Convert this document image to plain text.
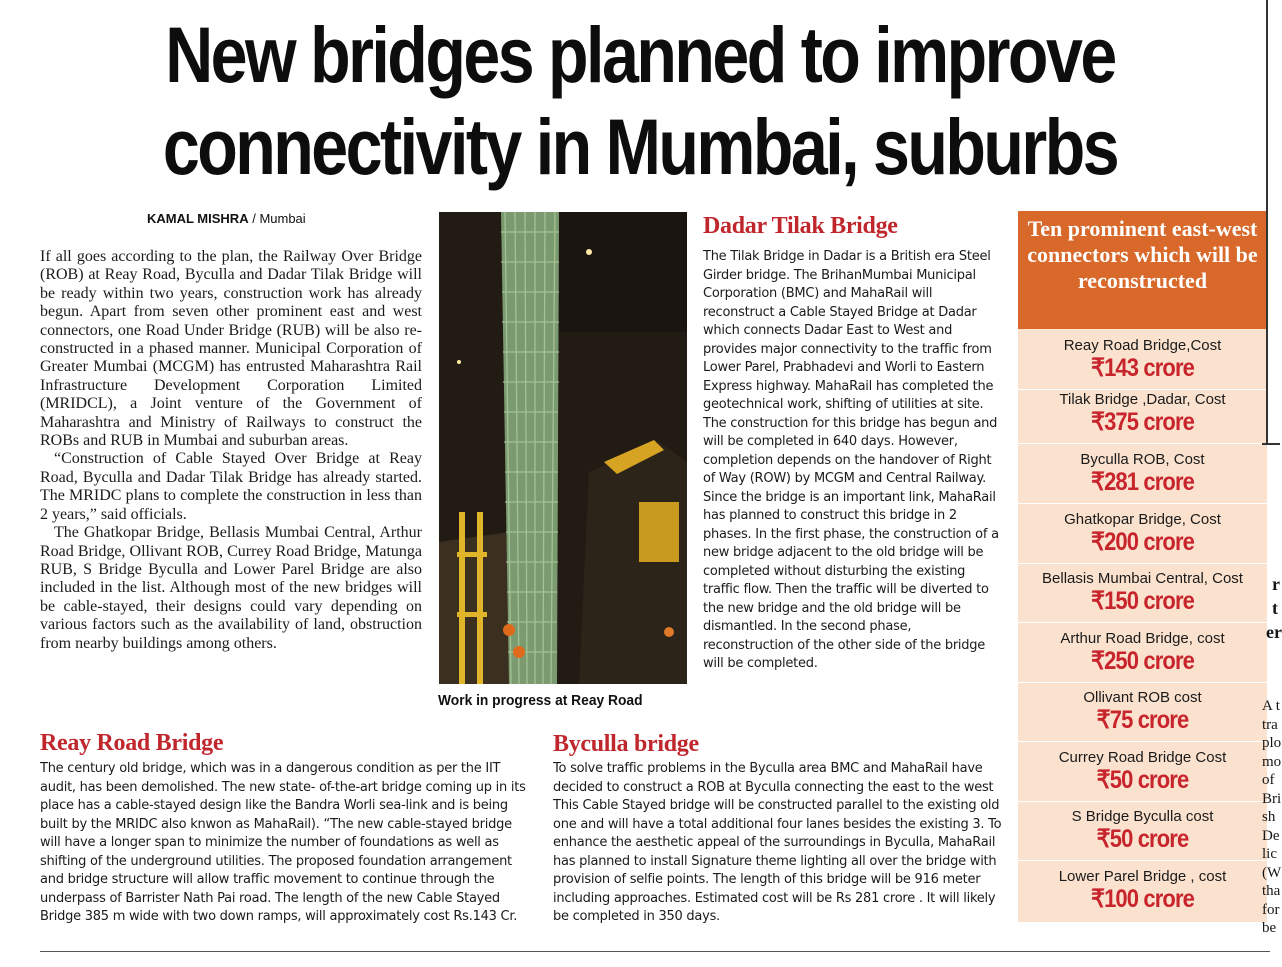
New bridges planned to improve
connectivity in Mumbai, suburbs
KAMAL MISHRA / Mumbai

If all goes according to the plan, the Railway Over Bridge (ROB) at Reay Road, Byculla and Dadar Tilak Bridge will be ready within two years, construction work has already begun. Apart from seven other prominent east and west connectors, one Road Under Bridge (RUB) will be also re-constructed in a phased manner. Municipal Corporation of Greater Mumbai (MCGM) has entrusted Maharashtra Rail Infrastructure Development Corporation Limited (MRIDCL), a Joint venture of the Government of Maharashtra and Ministry of Railways to construct the ROBs and RUB in Mumbai and suburban areas.

“Construction of Cable Stayed Over Bridge at Reay Road, Byculla and Dadar Tilak Bridge has already started. The MRIDC plans to complete the construction in less than 2 years,” said officials.

The Ghatkopar Bridge, Bellasis Mumbai Central, Arthur Road Bridge, Ollivant ROB, Currey Road Bridge, Matunga RUB, S Bridge Byculla and Lower Parel Bridge are also included in the list. Although most of the new bridges will be cable-stayed, their designs could vary depending on various factors such as the availability of land, obstruction from nearby buildings among others.

Work in progress at Reay Road
Dadar Tilak Bridge
The Tilak Bridge in Dadar is a British era Steel Girder bridge. The BrihanMumbai Municipal Corporation (BMC) and MahaRail will reconstruct a Cable Stayed Bridge at Dadar which connects Dadar East to West and provides major connectivity to the traffic from Lower Parel, Prabhadevi and Worli to Eastern Express highway. MahaRail has completed the geotechnical work, shifting of utilities at site. The construction for this bridge has begun and will be completed in 640 days. However, completion depends on the handover of Right of Way (ROW) by MCGM and Central Railway. Since the bridge is an important link, MahaRail has planned to construct this bridge in 2 phases. In the first phase, the construction of a new bridge adjacent to the old bridge will be completed without disturbing the existing traffic flow. Then the traffic will be diverted to the new bridge and the old bridge will be dismantled. In the second phase, reconstruction of the other side of the bridge will be completed.
Reay Road Bridge
The century old bridge, which was in a dangerous condition as per the IIT audit, has been demolished. The new state- of-the-art bridge coming up in its place has a cable-stayed design like the Bandra Worli sea-link and is being built by the MRIDC also knwon as MahaRail). “The new cable-stayed bridge will have a longer span to minimize the number of foundations as well as shifting of the underground utilities. The proposed foundation arrangement and bridge structure will allow traffic movement to continue through the underpass of Barrister Nath Pai road. The length of the new Cable Stayed Bridge 385 m wide with two down ramps, will approximately cost Rs.143 Cr.
Byculla bridge
To solve traffic problems in the Byculla area BMC and MahaRail have decided to construct a ROB at Byculla connecting the east to the west This Cable Stayed bridge will be constructed parallel to the existing old one and will have a total additional four lanes besides the existing 3. To enhance the aesthetic appeal of the surroundings in Byculla, MahaRail has planned to install Signature theme lighting all over the bridge with provision of selfie points. The length of this bridge will be 916 meter including approaches. Estimated cost will be Rs 281 crore . It will likely be completed in 350 days.
Ten prominent east-west connectors which will be reconstructed
Reay Road Bridge,Cost
₹143 crore
Tilak Bridge ,Dadar, Cost
₹375 crore
Byculla ROB, Cost
₹281 crore
Ghatkopar Bridge, Cost
₹200 crore
Bellasis Mumbai Central, Cost
₹150 crore
Arthur Road Bridge, cost
₹250 crore
Ollivant ROB cost
₹75 crore
Currey Road Bridge Cost
₹50 crore
S Bridge Byculla cost
₹50 crore
Lower Parel Bridge , cost
₹100 crore
r
t
er
A t
tra
plo
mo
of
Bri
sh
De
lic
(W
tha
for
be
